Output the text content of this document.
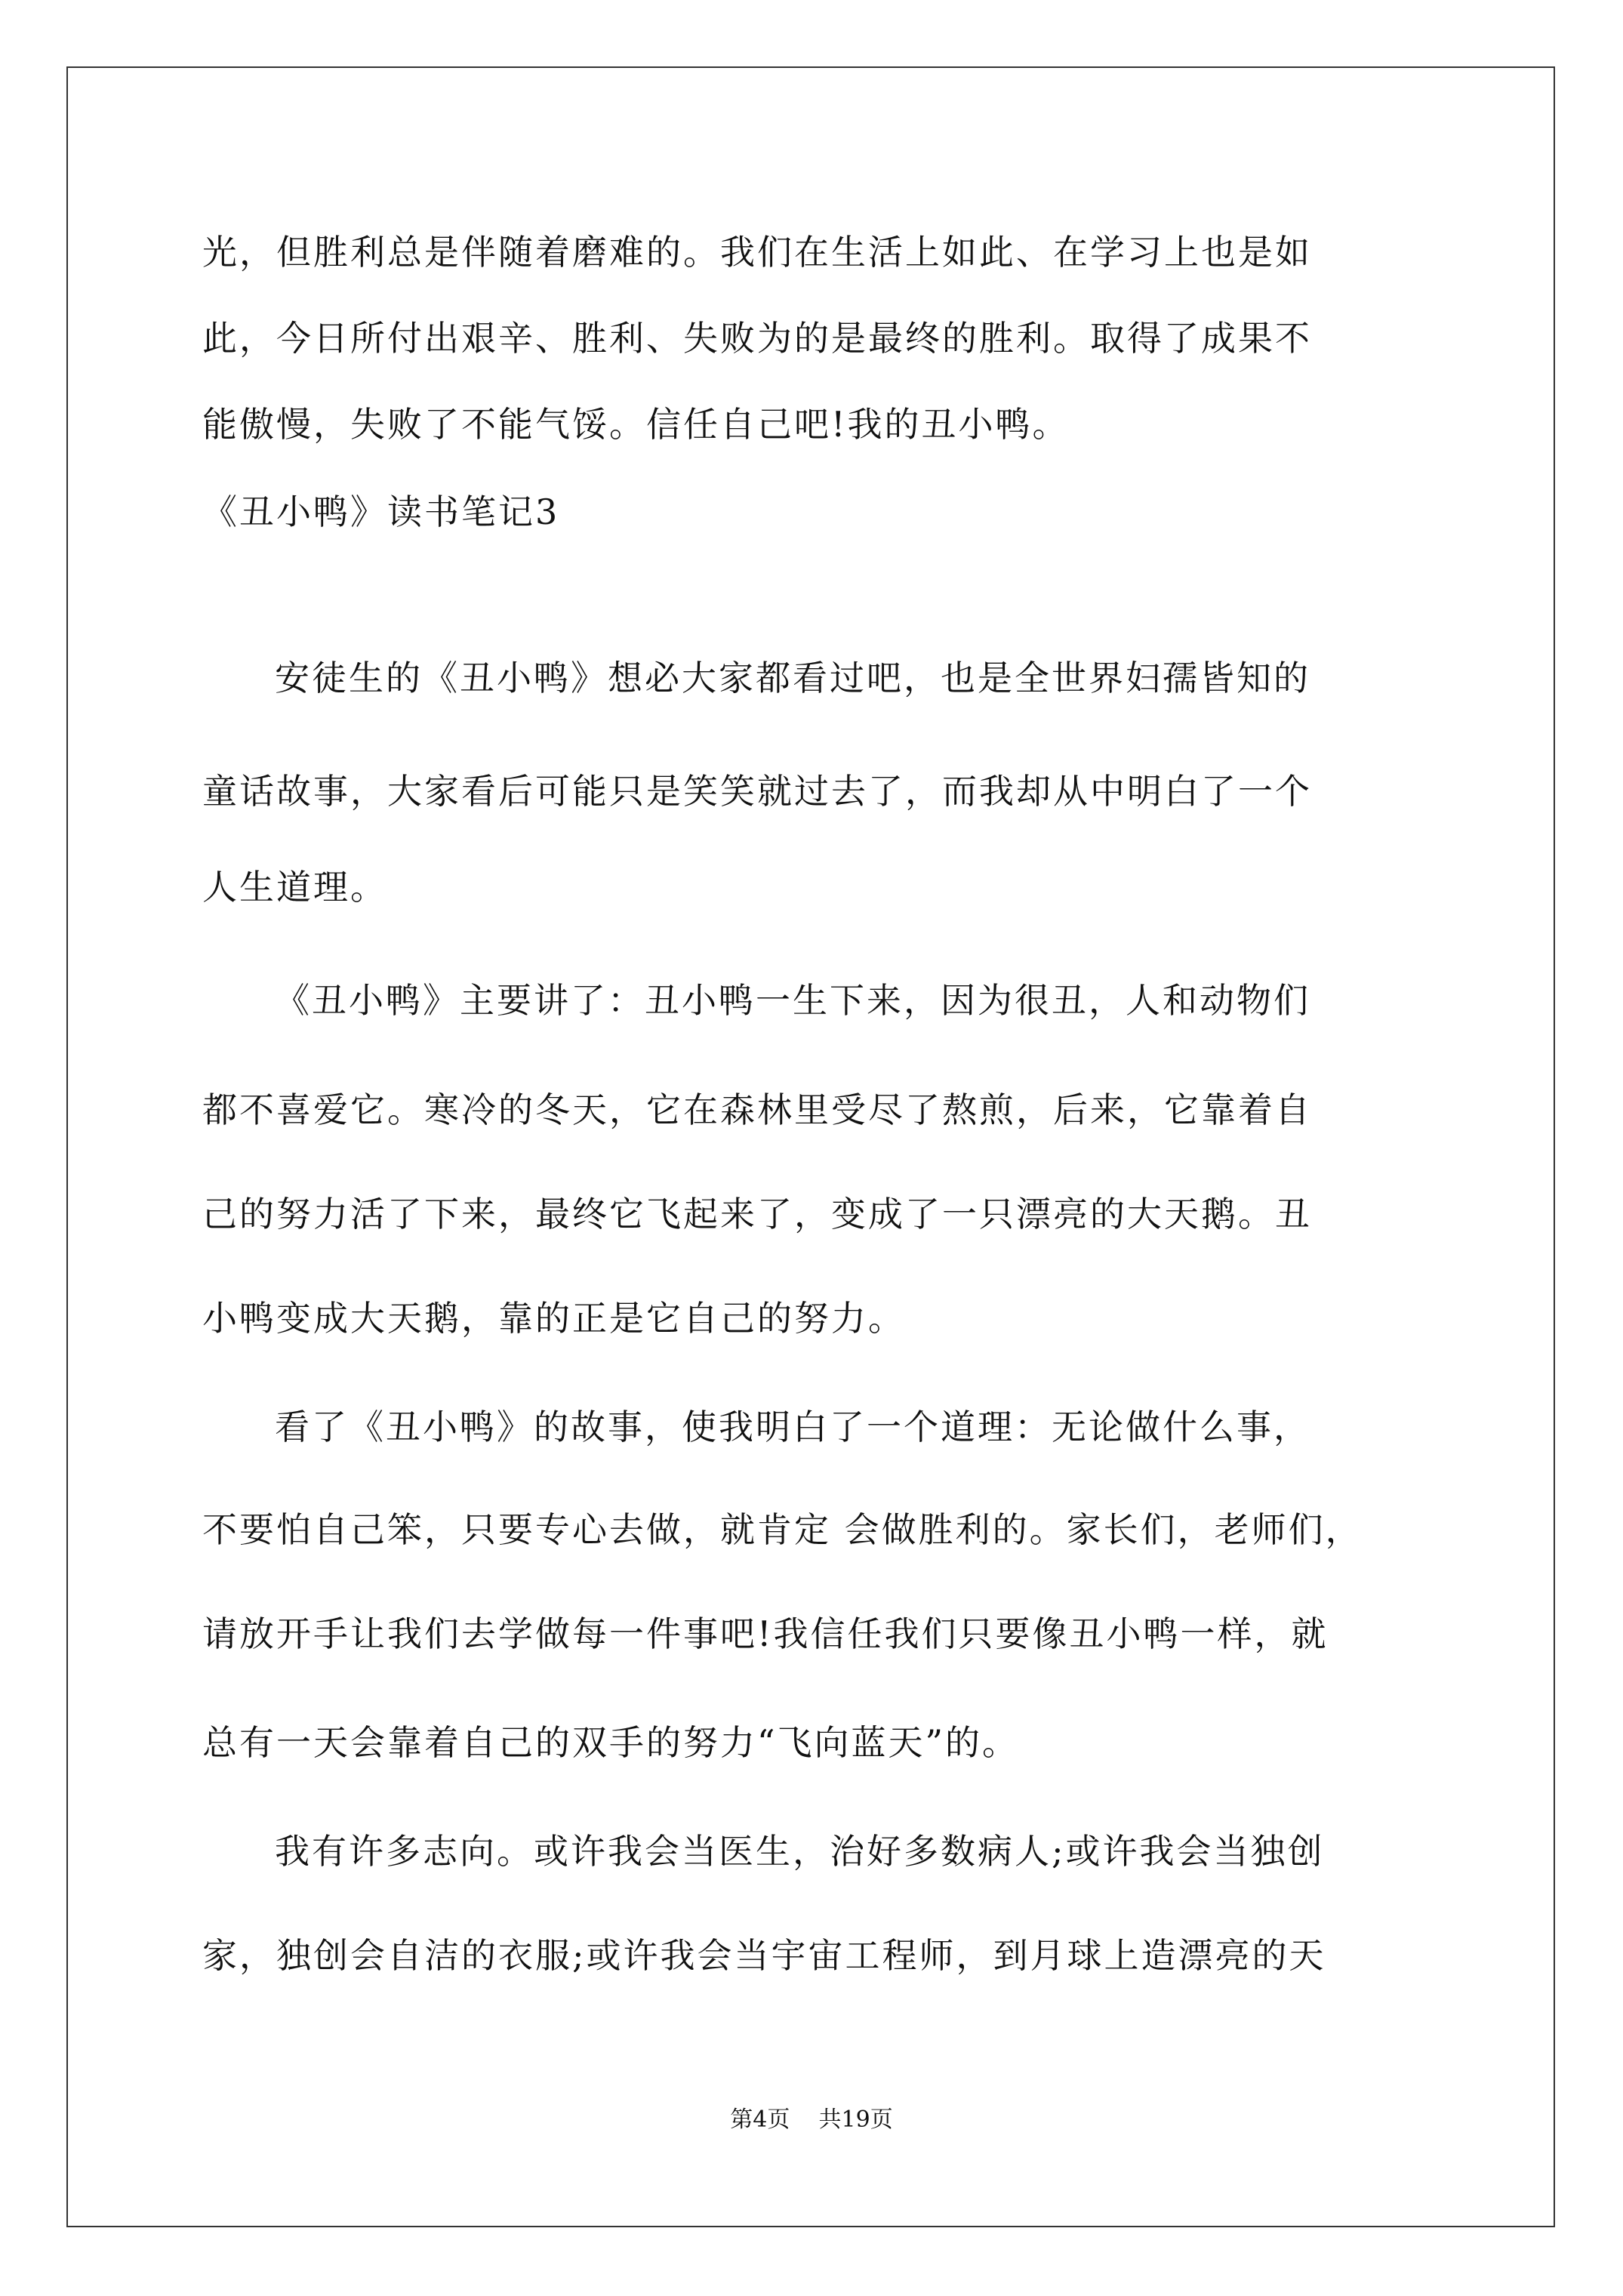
光，但胜利总是伴随着磨难的。我们在生活上如此、在学习上也是如
此，今日所付出艰辛、胜利、失败为的是最终的胜利。取得了成果不
能傲慢，失败了不能气馁。信任自己吧!我的丑小鸭。
《丑小鸭》读书笔记3
安徒生的《丑小鸭》想必大家都看过吧，也是全世界妇孺皆知的
童话故事，大家看后可能只是笑笑就过去了，而我却从中明白了一个
人生道理。
《丑小鸭》主要讲了：丑小鸭一生下来，因为很丑，人和动物们
都不喜爱它。寒冷的冬天，它在森林里受尽了熬煎，后来，它靠着自
己的努力活了下来，最终它飞起来了，变成了一只漂亮的大天鹅。丑
小鸭变成大天鹅，靠的正是它自己的努力。
看了《丑小鸭》的故事，使我明白了一个道理：无论做什么事，
不要怕自己笨，只要专心去做，就肯定 会做胜利的。家长们，老师们，
请放开手让我们去学做每一件事吧!我信任我们只要像丑小鸭一样，就
总有一天会靠着自己的双手的努力“飞向蓝天”的。
我有许多志向。或许我会当医生，治好多数病人;或许我会当独创
家，独创会自洁的衣服;或许我会当宇宙工程师，到月球上造漂亮的天
第4页    共19页
